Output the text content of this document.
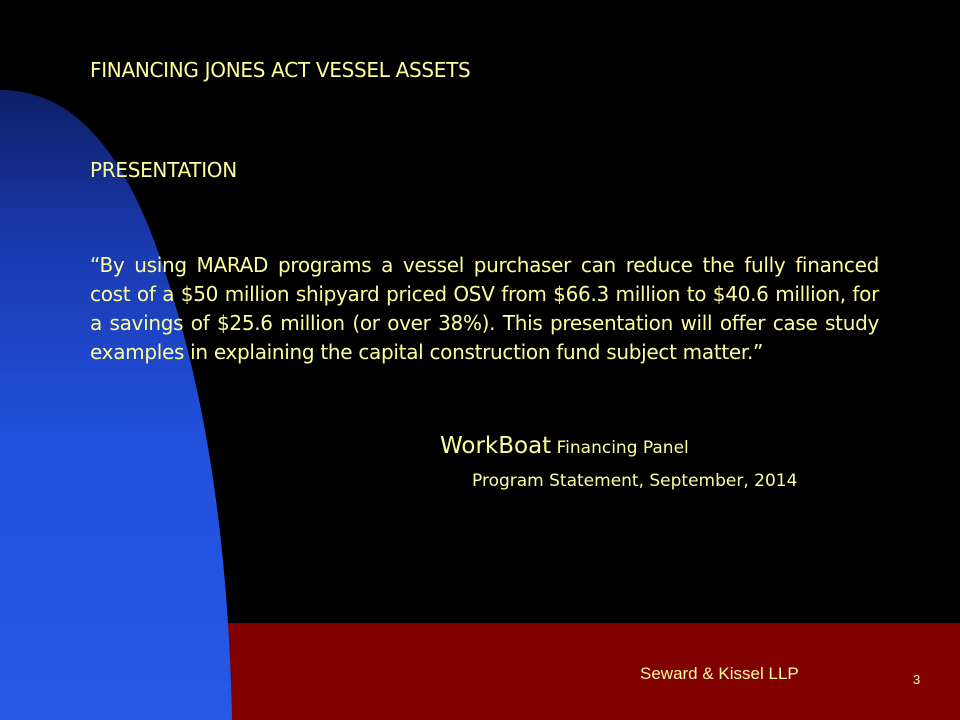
FINANCING JONES ACT VESSEL ASSETS
PRESENTATION
“By using MARAD programs a vessel purchaser can reduce the fully financed cost of a $50 million shipyard priced OSV from $66.3 million to $40.6 million, for a savings of $25.6 million (or over 38%). This presentation will offer case study examples in explaining the capital construction fund subject matter.”
WorkBoat Financing Panel
Program Statement, September, 2014
Seward & Kissel LLP	3
